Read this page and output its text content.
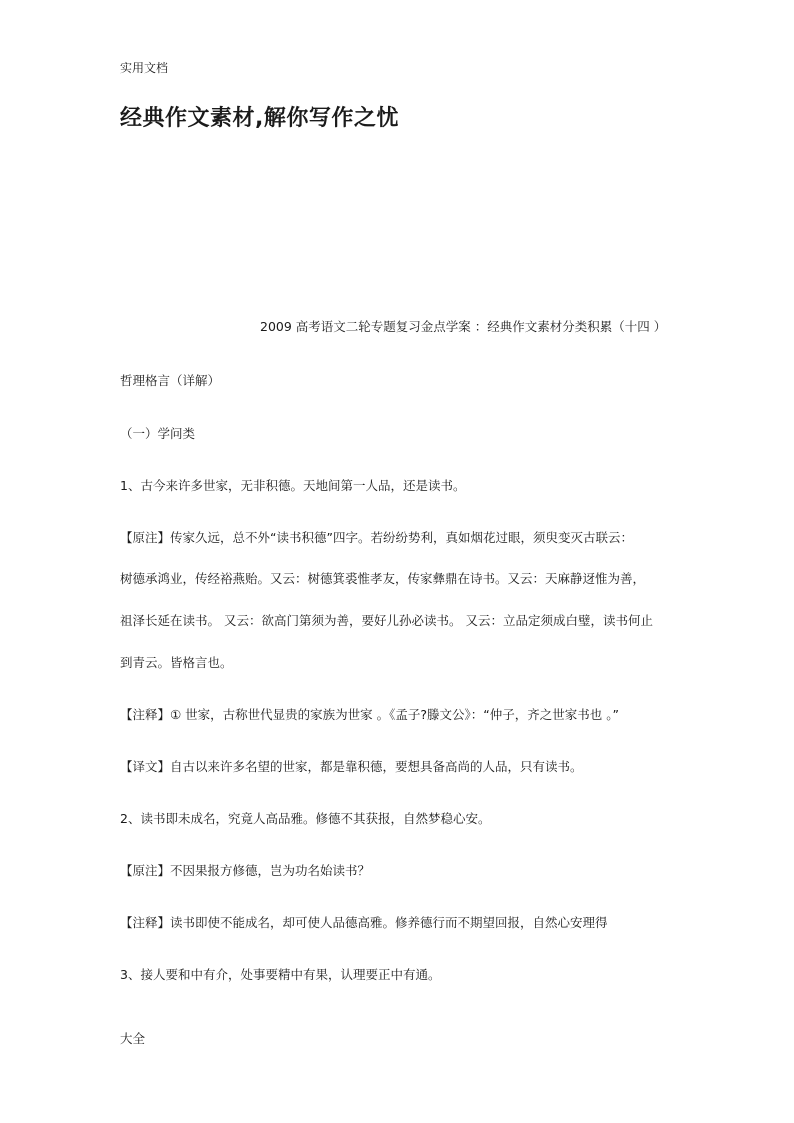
实用文档
经典作文素材,解你写作之忧
2009 高考语文二轮专题复习金点学案 ：经典作文素材分类积累（十四 ）
哲理格言（详解）
（一）学问类
1、古今来许多世家，无非积德。天地间第一人品，还是读书。
【原注】传家久远，总不外“读书积德”四字。若纷纷势利，真如烟花过眼，须臾变灭古联云：
树德承鸿业，传经裕燕贻。又云：树德箕裘惟孝友，传家彝鼎在诗书。又云：天麻静迓惟为善，
祖泽长延在读书。 又云：欲高门第须为善，要好儿孙必读书。 又云：立品定须成白璧，读书何止
到青云。皆格言也。
【注释】① 世家，古称世代显贵的家族为世家 。《孟子?滕文公》：“仲子，齐之世家书也 。”
【译文】自古以来许多名望的世家，都是靠积德，要想具备高尚的人品，只有读书。
2、读书即未成名，究竟人高品雅。修德不其获报，自然梦稳心安。
【原注】不因果报方修德，岂为功名始读书？
【注释】读书即使不能成名，却可使人品德高雅。修养德行而不期望回报，自然心安理得
3、接人要和中有介，处事要精中有果，认理要正中有通。
大全
